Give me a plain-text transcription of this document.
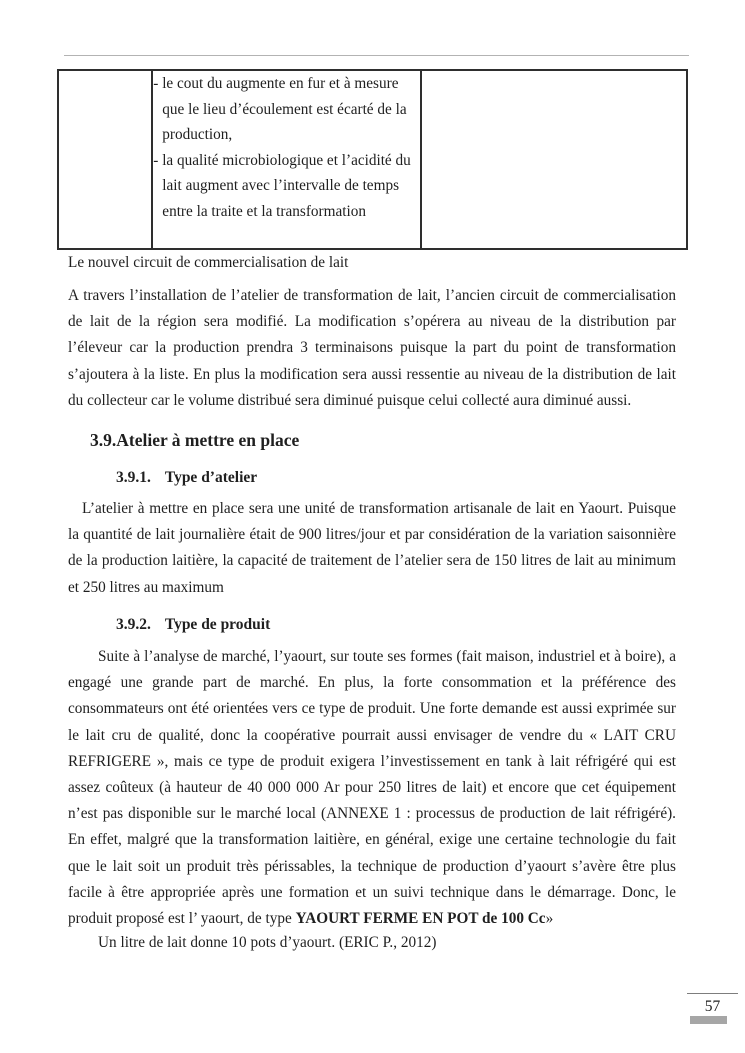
- le cout du augmente en fur et à mesure que le lieu d’écoulement est écarté de la production,
- la qualité microbiologique et l’acidité du lait augment avec l’intervalle de temps entre la traite et la transformation

Le nouvel circuit de commercialisation de lait

A travers l’installation de l’atelier de transformation de lait, l’ancien circuit de commercialisation de lait de la région sera modifié. La modification s’opérera au niveau de la distribution par l’éleveur car la production prendra 3 terminaisons puisque la part du point de transformation s’ajoutera à la liste. En plus la modification sera aussi ressentie au niveau de la distribution de lait du collecteur car le volume distribué sera diminué puisque celui collecté aura diminué aussi.

3.9.Atelier à mettre en place
3.9.1. Type d’atelier

L’atelier à mettre en place sera une unité de transformation artisanale de lait en Yaourt. Puisque la quantité de lait journalière était de 900 litres/jour et par considération de la variation saisonnière de la production laitière, la capacité de traitement de l’atelier sera de 150 litres de lait au minimum et 250 litres au maximum

3.9.2. Type de produit

Suite à l’analyse de marché, l’yaourt, sur toute ses formes (fait maison, industriel et à boire), a engagé une grande part de marché. En plus, la forte consommation et la préférence des consommateurs ont été orientées vers ce type de produit. Une forte demande est aussi exprimée sur le lait cru de qualité, donc la coopérative pourrait aussi envisager de vendre du « LAIT CRU REFRIGERE », mais ce type de produit exigera l’investissement en tank à lait réfrigéré qui est assez coûteux (à hauteur de 40 000 000 Ar pour 250 litres de lait) et encore que cet équipement n’est pas disponible sur le marché local (ANNEXE 1 : processus de production de lait réfrigéré). En effet, malgré que la transformation laitière, en général, exige une certaine technologie du fait que le lait soit un produit très périssables, la technique de production d’yaourt s’avère être plus facile à être appropriée après une formation et un suivi technique dans le démarrage. Donc, le produit proposé est l’ yaourt, de type YAOURT FERME EN POT de 100 Cc»

Un litre de lait donne 10 pots d’yaourt. (ERIC P., 2012)

57
